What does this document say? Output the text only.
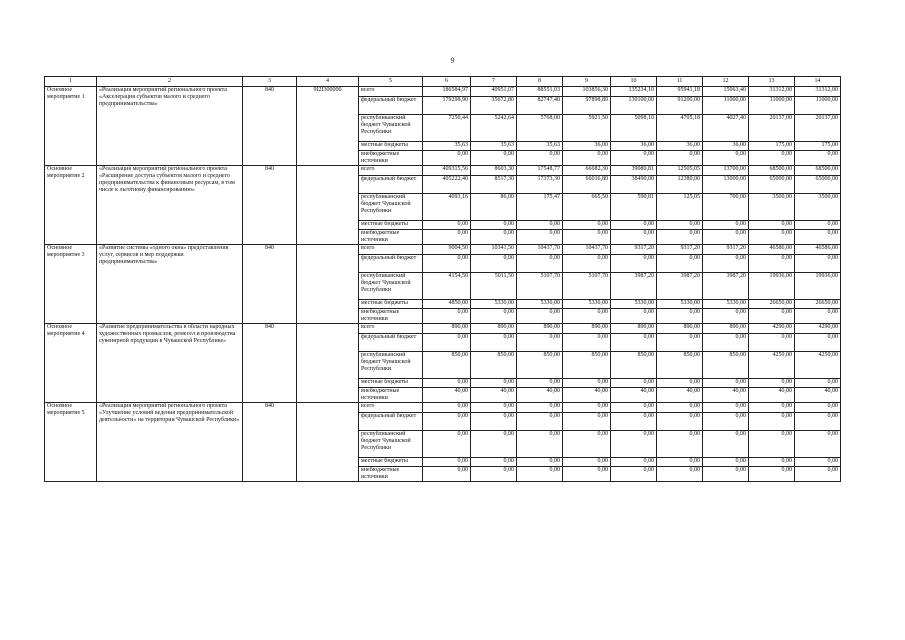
9
1	2	3	4	5	6	7	8	9	10	11	12	13	14
Основное мероприятие 1	«Реализация мероприятий регионального проекта «Акселерация субъектов малого и среднего предпринимательства»	840	9I2I300000	всего	186584,97	40951,07	88551,03	103856,30	135234,10	95941,18	15063,40	31312,00	31312,00
				федеральный бюджет	179298,90	35672,80	82747,40	97898,80	130100,00	91200,00	11000,00	11000,00	11000,00
				республиканский бюджет Чувашской Республики	7250,44	5242,64	5768,00	5921,50	5098,10	4705,18	4027,40	20137,00	20137,00
				местные бюджеты	35,63	35,63	35,63	36,00	36,00	36,00	36,00	175,00	175,00
				внебюджетные источники	0,00	0,00	0,00	0,00	0,00	0,00	0,00	0,00	0,00
Основное мероприятие 2	«Реализация мероприятий регионального проекта «Расширение доступа субъектов малого и среднего предпринимательства к финансовым ресурсам, в том числе к льготному финансированию»	840		всего	409315,56	8603,30	17548,77	66682,30	39080,81	12505,05	13700,00	68500,00	68500,00
				федеральный бюджет	405222,40	8517,30	17373,30	66016,80	38490,00	12380,00	13000,00	65000,00	65000,00
				республиканский бюджет Чувашской Республики	4093,16	86,00	175,47	665,50	590,81	125,05	700,00	3500,00	3500,00
				местные бюджеты	0,00	0,00	0,00	0,00	0,00	0,00	0,00	0,00	0,00
				внебюджетные источники	0,00	0,00	0,00	0,00	0,00	0,00	0,00	0,00	0,00
Основное мероприятие 3	«Развитие системы «одного окна» предоставления услуг, сервисов и мер поддержки предпринимательства»	840		всего	9004,50	10341,50	10437,70	10437,70	9317,20	9317,20	9317,20	46586,00	46586,00
				федеральный бюджет	0,00	0,00	0,00	0,00	0,00	0,00	0,00	0,00	0,00
				республиканский бюджет Чувашской Республики	4154,50	5011,50	5107,70	5107,70	3987,20	3987,20	3987,20	19936,00	19936,00
				местные бюджеты	4850,00	5330,00	5330,00	5330,00	5330,00	5330,00	5330,00	26650,00	26650,00
				внебюджетные источники	0,00	0,00	0,00	0,00	0,00	0,00	0,00	0,00	0,00
Основное мероприятие 4	«Развитие предпринимательства в области народных художественных промыслов, ремесел и производства сувенирной продукции в Чувашской Республике»	840		всего	890,00	890,00	890,00	890,00	890,00	890,00	890,00	4290,00	4290,00
				федеральный бюджет	0,00	0,00	0,00	0,00	0,00	0,00	0,00	0,00	0,00
				республиканский бюджет Чувашской Республики	850,00	850,00	850,00	850,00	850,00	850,00	850,00	4250,00	4250,00
				местные бюджеты	0,00	0,00	0,00	0,00	0,00	0,00	0,00	0,00	0,00
				внебюджетные источники	40,00	40,00	40,00	40,00	40,00	40,00	40,00	40,00	40,00
Основное мероприятие 5	«Реализация мероприятий регионального проекта «Улучшение условий ведения предпринимательской деятельности» на территории Чувашской Республики»	840		всего	0,00	0,00	0,00	0,00	0,00	0,00	0,00	0,00	0,00
				федеральный бюджет	0,00	0,00	0,00	0,00	0,00	0,00	0,00	0,00	0,00
				республиканский бюджет Чувашской Республики	0,00	0,00	0,00	0,00	0,00	0,00	0,00	0,00	0,00
				местные бюджеты	0,00	0,00	0,00	0,00	0,00	0,00	0,00	0,00	0,00
				внебюджетные источники	0,00	0,00	0,00	0,00	0,00	0,00	0,00	0,00	0,00
